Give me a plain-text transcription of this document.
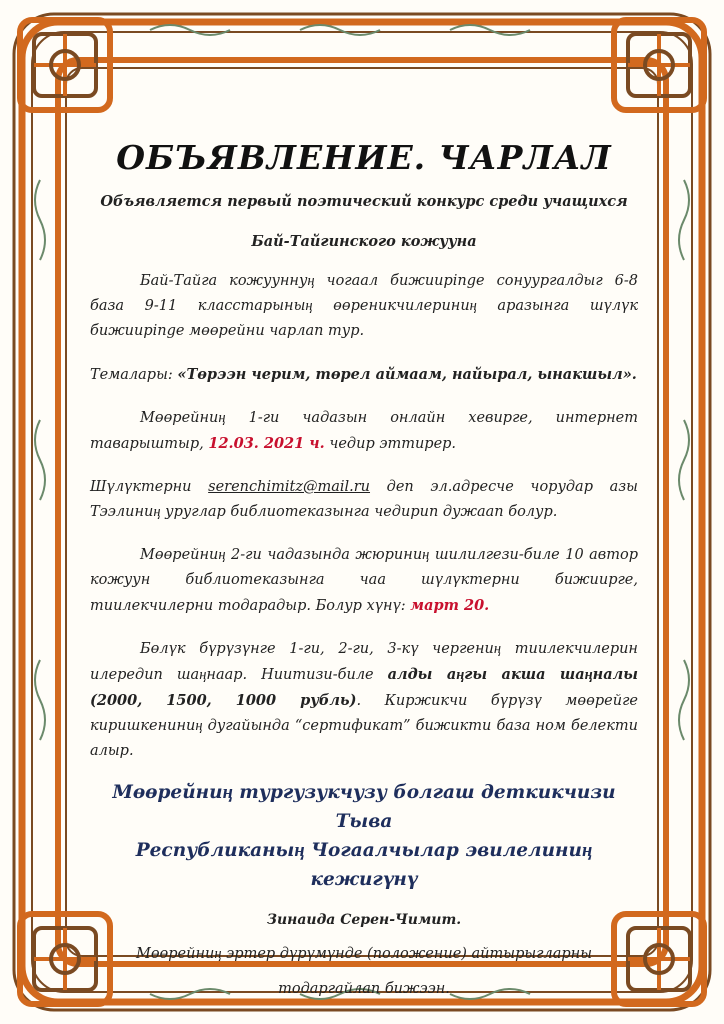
ОБЪЯВЛЕНИЕ. ЧАРЛАЛ
Объявляется первый поэтический конкурс среди учащихся
Бай-Тайгинского кожууна

Бай-Тайга кожууннуӊ чогаал бижиирinge сонуургалдыг 6-8 база 9-11 класстарыныӊ өөреникчилериниӊ аразынга шүлүк бижиирinge мөөрейни чарлап тур.

Темалары: «Төрээн черим, төрел аймаам, найырал, ынакшыл».

Мөөрейниӊ 1-ги чадазын онлайн хевирге, интернет таварыштыр, 12.03. 2021 ч. чедир эттирер.

Шүлүктерни serenchimitz@mail.ru деп эл.адресче чорудар азы Тээлиниӊ уруглар библиотеказынга чедирип дужаап болур.

Мөөрейниӊ 2-ги чадазында жюриниӊ шилилгези-биле 10 автор кожуун библиотеказынга чаа шүлүктерни бижиирге, тиилекчилерни тодарадыр. Болур хүнү: март 20.

Бөлүк бүрүзүнге 1-ги, 2-ги, 3-кү чергениӊ тиилекчилерин илередип шаӊнаар. Ниитизи-биле алды аӊгы акша шаӊналы (2000, 1500, 1000 рубль). Киржикчи бүрүзү мөөрейге киришкениниӊ дугайында “сертификат” бижикти база ном белекти алыр.

Мөөрейниӊ тургузукчузу болгаш деткикчизи Тыва
Республиканыӊ Чогаалчылар эвилелиниӊ кежигүнү
Зинаида Серен-Чимит.
Мөөрейниӊ эртер дүрүмүнде (положение) айтырыгларны
тодаргайлап бижээн.
